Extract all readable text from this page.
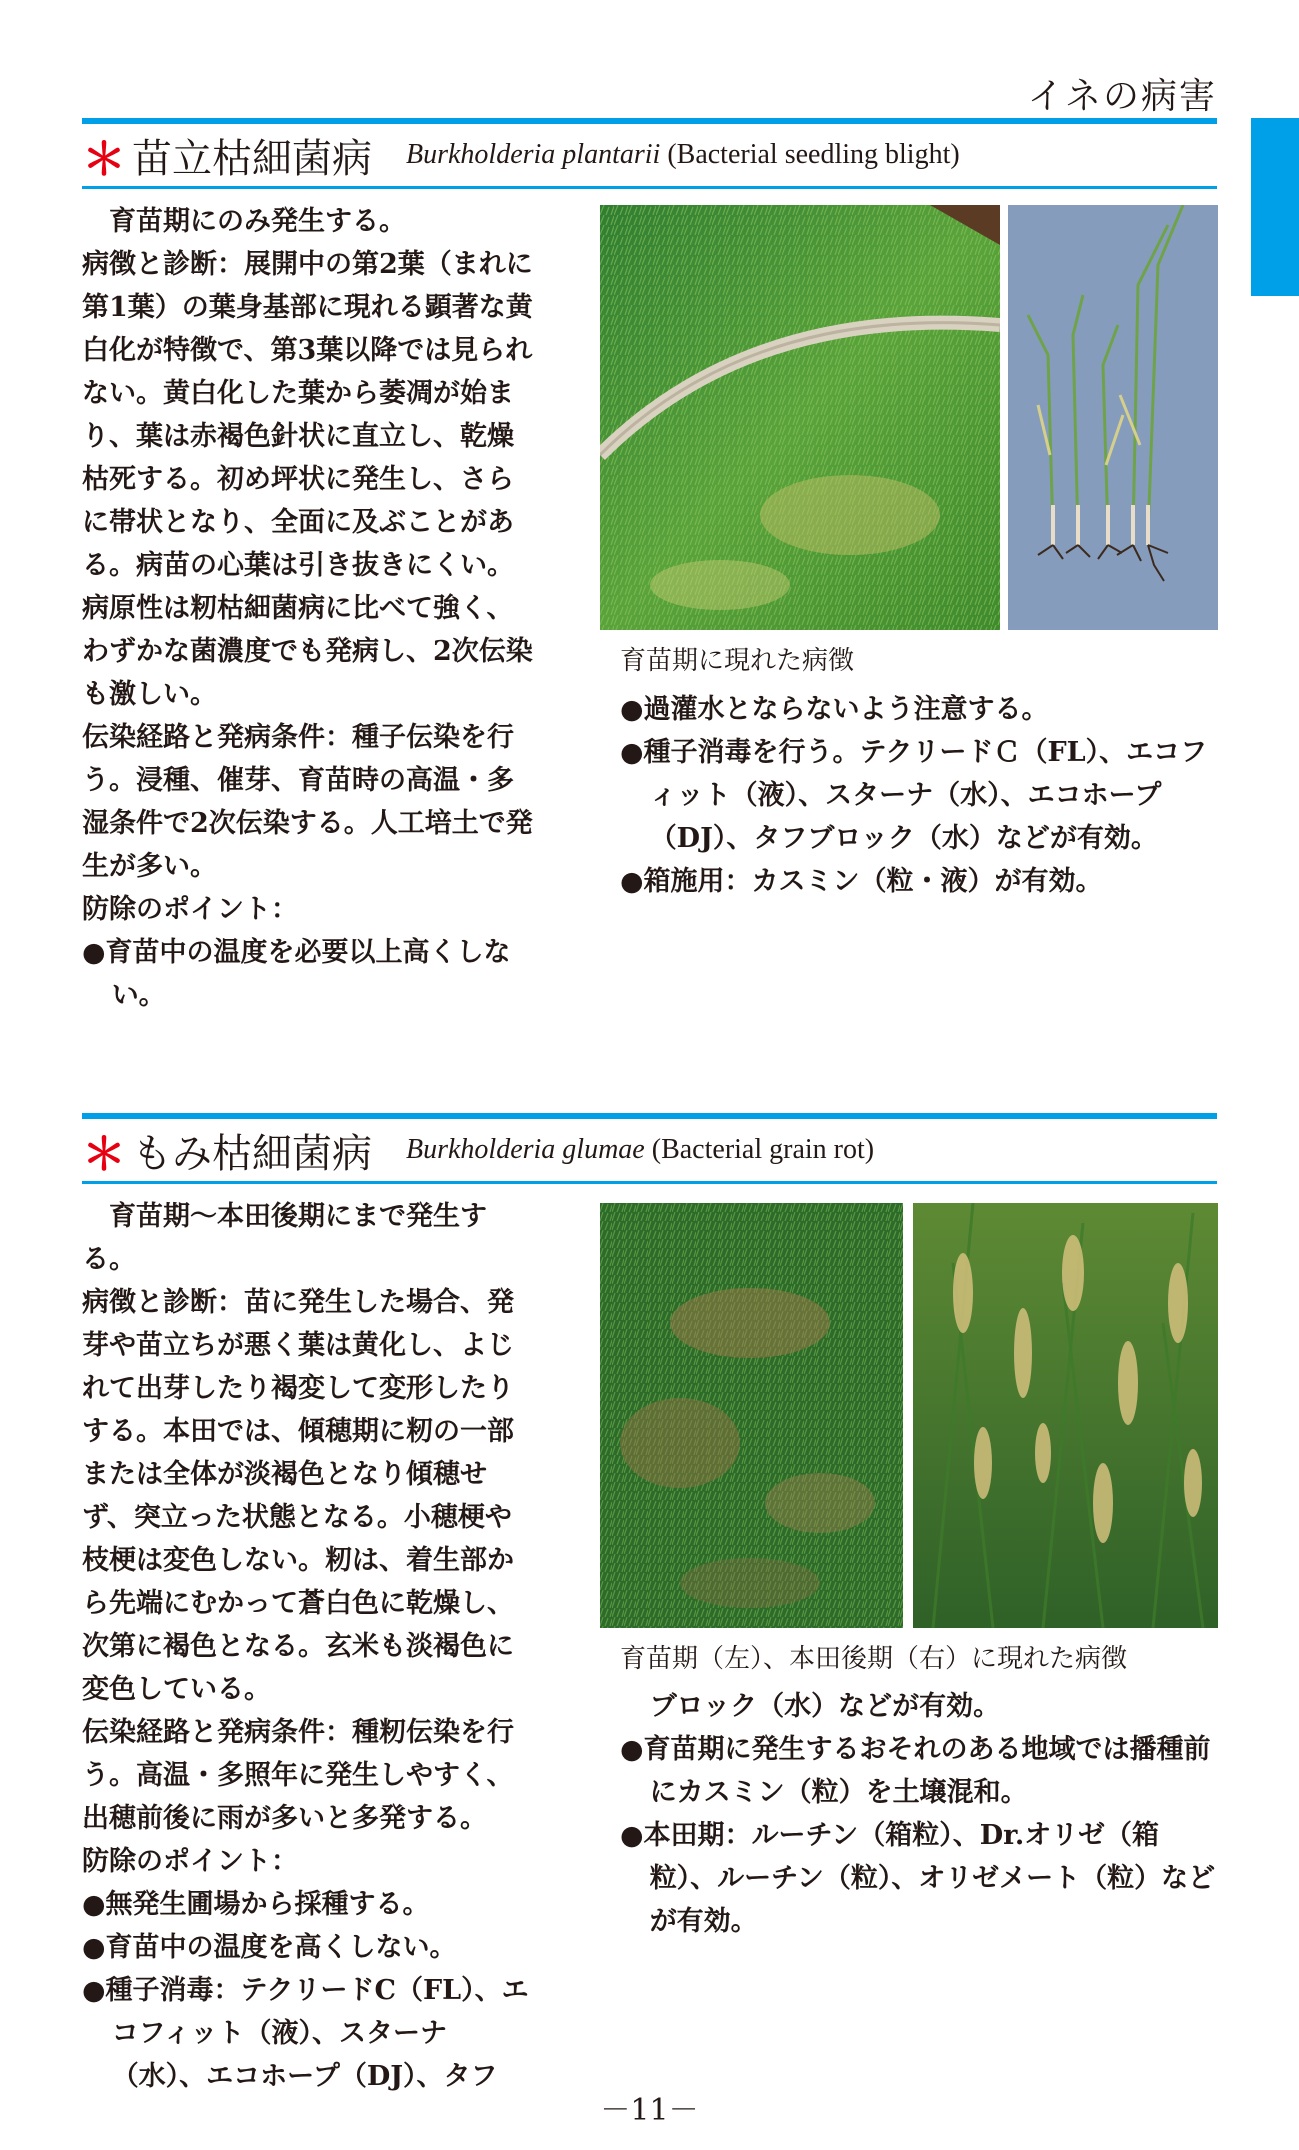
イネの病害
＊ 苗立枯細菌病 Burkholderia plantarii (Bacterial seedling blight)

育苗期にのみ発生する。

病徴と診断：展開中の第2葉（まれに第1葉）の葉身基部に現れる顕著な黄白化が特徴で、第3葉以降では見られない。黄白化した葉から萎凋が始まり、葉は赤褐色針状に直立し、乾燥枯死する。初め坪状に発生し、さらに帯状となり、全面に及ぶことがある。病苗の心葉は引き抜きにくい。病原性は籾枯細菌病に比べて強く、わずかな菌濃度でも発病し、2次伝染も激しい。

伝染経路と発病条件：種子伝染を行う。浸種、催芽、育苗時の高温・多湿条件で2次伝染する。人工培土で発生が多い。

防除のポイント：

●育苗中の温度を必要以上高くしない。

育苗期に現れた病徴

●過灌水とならないよう注意する。

●種子消毒を行う。テクリードＣ（FL）、エコフィット（液）、スターナ（水）、エコホープ（DJ）、タフブロック（水）などが有効。

●箱施用：カスミン（粒・液）が有効。

＊ もみ枯細菌病 Burkholderia glumae (Bacterial grain rot)

育苗期～本田後期にまで発生する。

病徴と診断：苗に発生した場合、発芽や苗立ちが悪く葉は黄化し、よじれて出芽したり褐変して変形したりする。本田では、傾穂期に籾の一部または全体が淡褐色となり傾穂せず、突立った状態となる。小穂梗や枝梗は変色しない。籾は、着生部から先端にむかって蒼白色に乾燥し、次第に褐色となる。玄米も淡褐色に変色している。

伝染経路と発病条件：種籾伝染を行う。高温・多照年に発生しやすく、出穂前後に雨が多いと多発する。

防除のポイント：

●無発生圃場から採種する。

●育苗中の温度を高くしない。

●種子消毒：テクリードC（FL）、エコフィット（液）、スターナ（水）、エコホープ（DJ）、タフ

育苗期（左）、本田後期（右）に現れた病徴

ブロック（水）などが有効。

●育苗期に発生するおそれのある地域では播種前にカスミン（粒）を土壌混和。

●本田期：ルーチン（箱粒）、Dr.オリゼ（箱粒）、ルーチン（粒）、オリゼメート（粒）などが有効。

－11－
